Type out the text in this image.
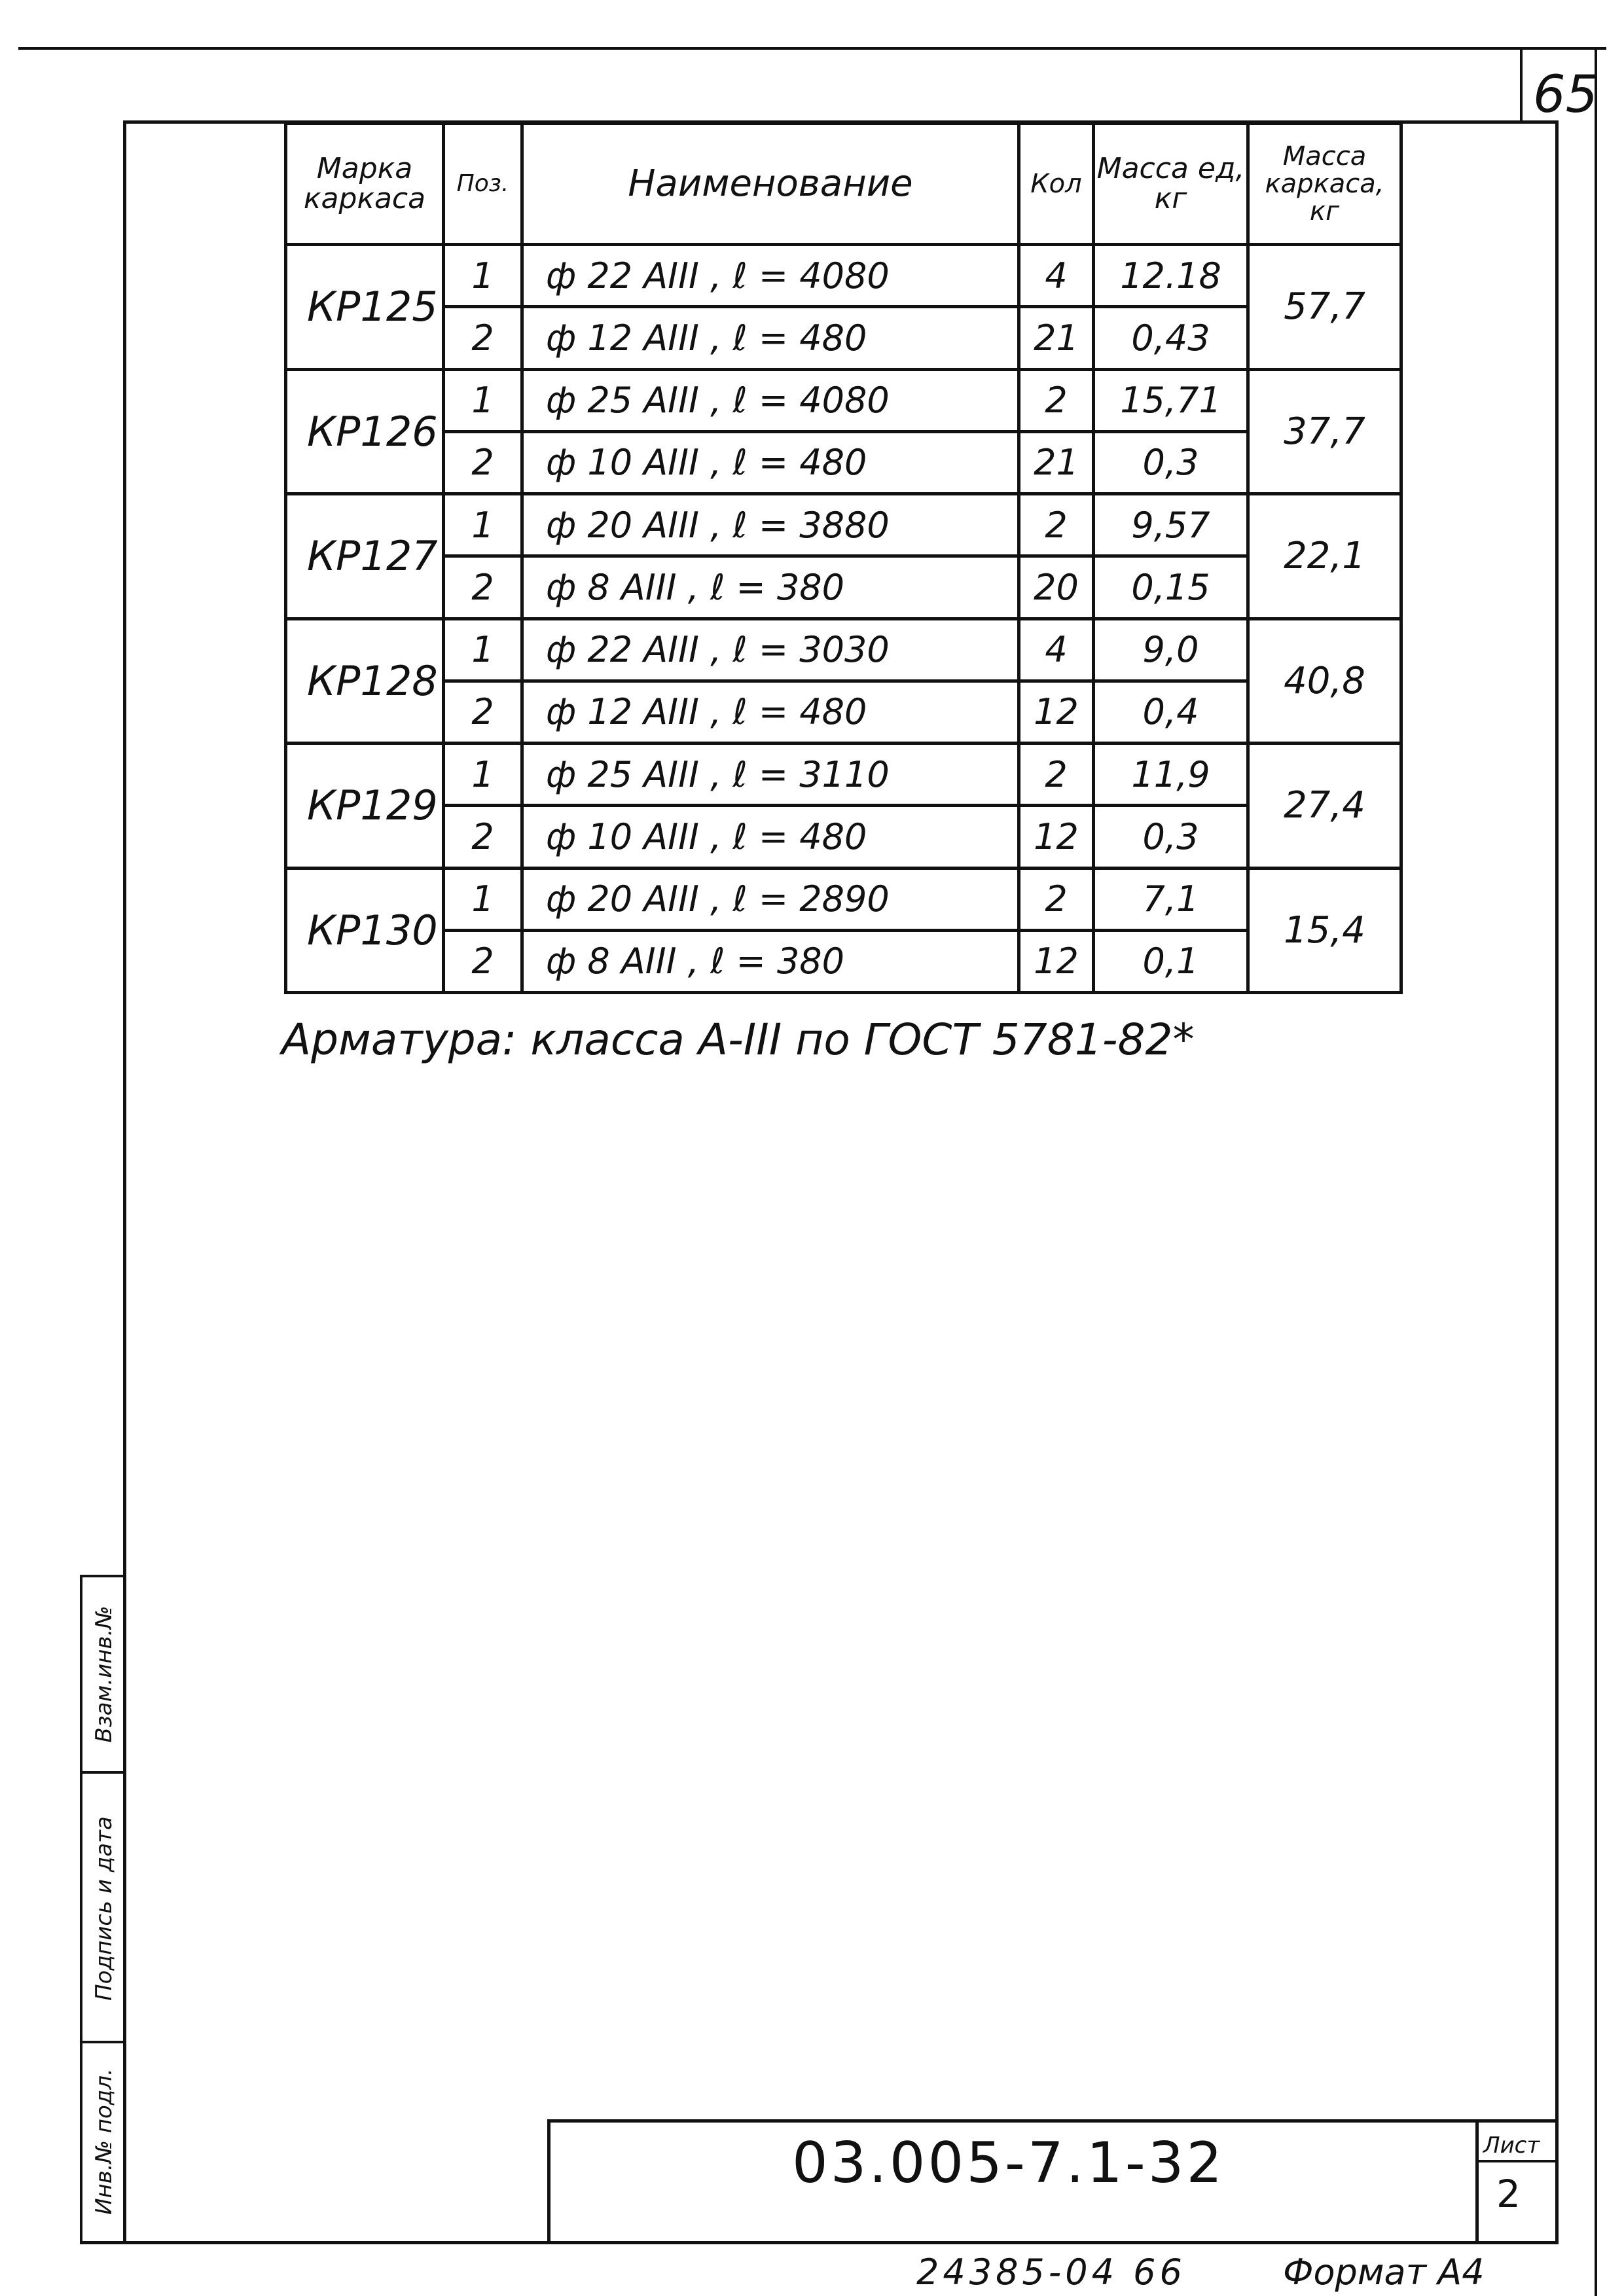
65
Марка каркаса	Поз.	Наименование	Кол	Масса ед, кг	Масса каркаса, кг
КР125	1	ф 22 АIII , ℓ = 4080	4	12.18	57,7
	2	ф 12 АIII , ℓ = 480	21	0,43	
КР126	1	ф 25 АIII , ℓ = 4080	2	15,71	37,7
	2	ф 10 АIII , ℓ = 480	21	0,3	
КР127	1	ф 20 АIII , ℓ = 3880	2	9,57	22,1
	2	ф 8 АIII , ℓ = 380	20	0,15	
КР128	1	ф 22 АIII , ℓ = 3030	4	9,0	40,8
	2	ф 12 АIII , ℓ = 480	12	0,4	
КР129	1	ф 25 АIII , ℓ = 3110	2	11,9	27,4
	2	ф 10 АIII , ℓ = 480	12	0,3	
КР130	1	ф 20 АIII , ℓ = 2890	2	7,1	15,4
	2	ф 8 АIII , ℓ = 380	12	0,1	
Арматура: класса А-III по ГОСТ 5781-82*
Взам.инв.№
Подпись и дата
Инв.№ подл.	03.005-7.1-32	Лист
2
24385-04 66	Формат А4
